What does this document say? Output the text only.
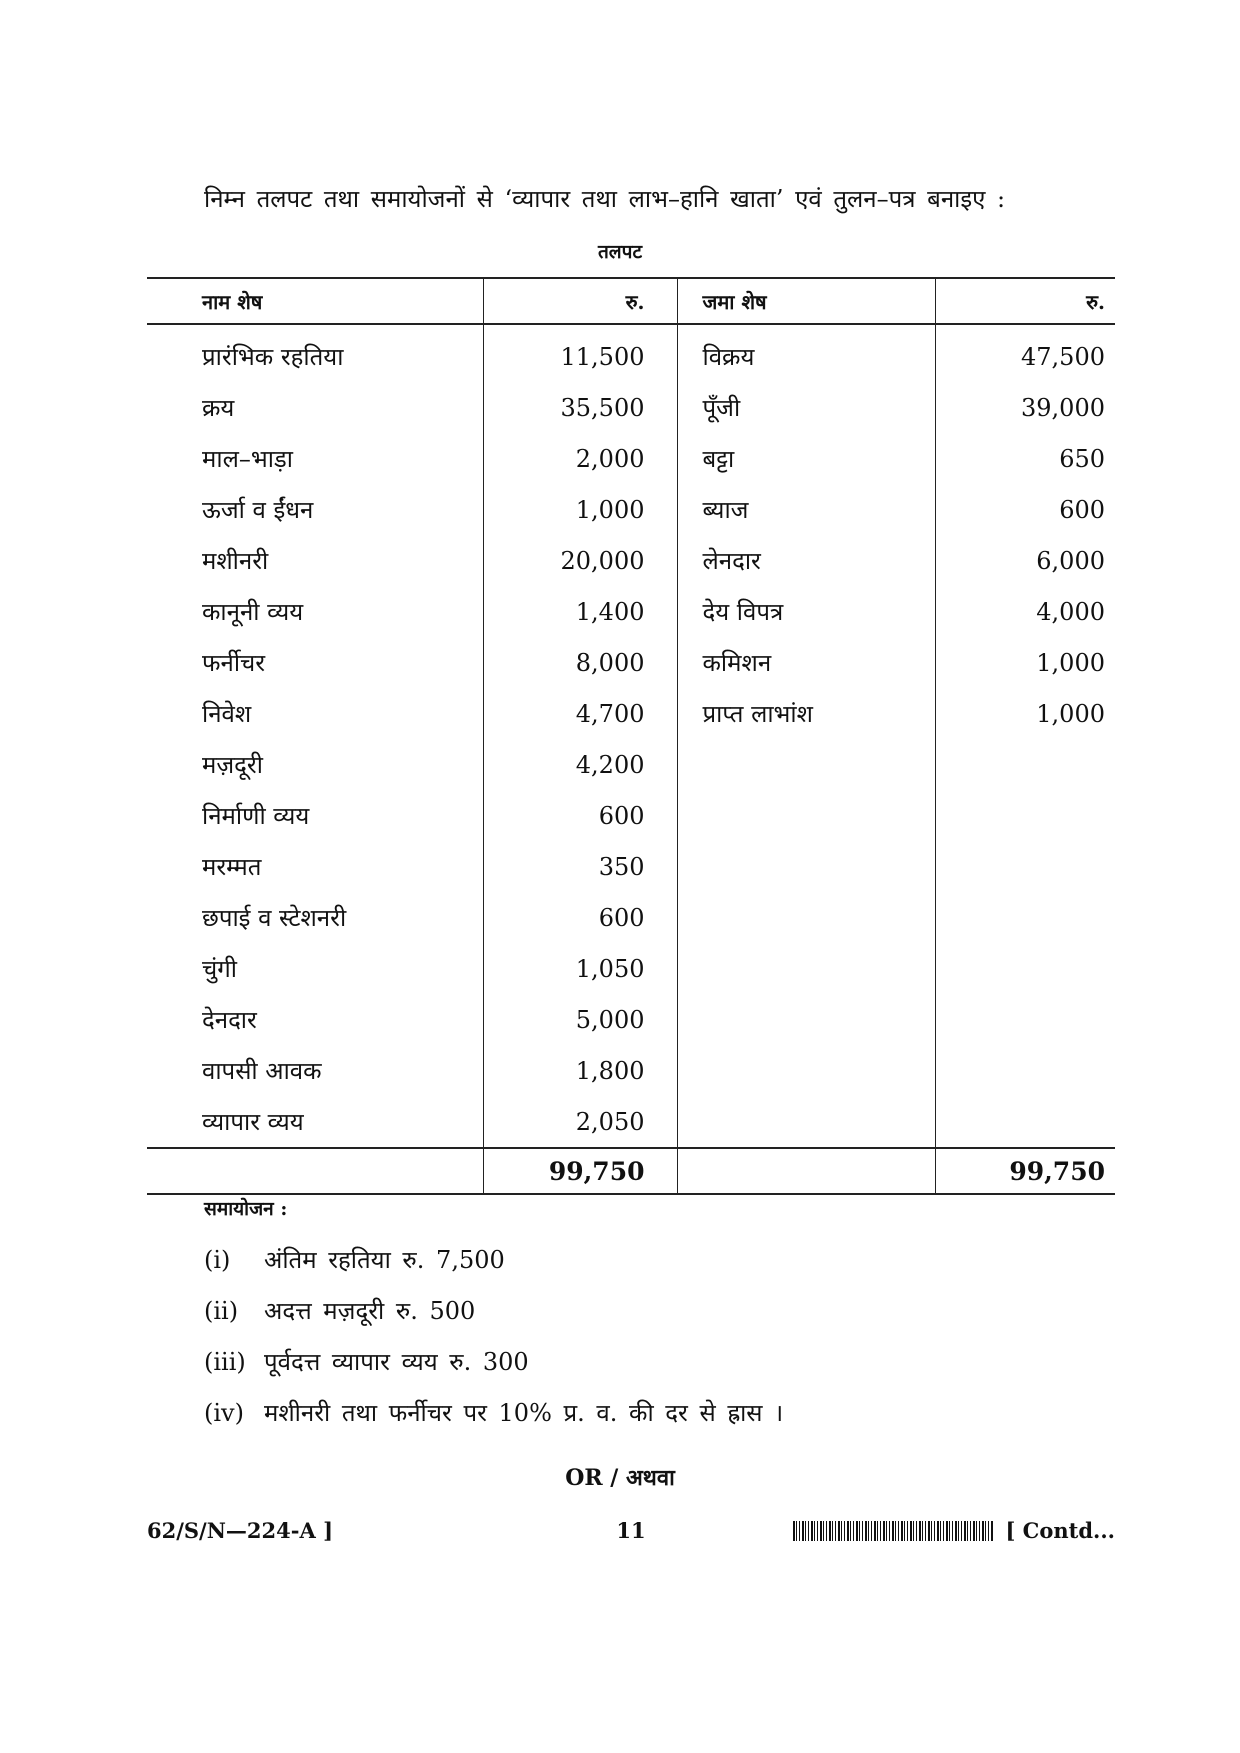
निम्न तलपट तथा समायोजनों से ‘व्यापार तथा लाभ–हानि खाता’ एवं तुलन–पत्र बनाइए :
तलपट
नाम शेष	रु.	जमा शेष	रु.
प्रारंभिक रहतिया	11,500	विक्रय	47,500
क्रय	35,500	पूँजी	39,000
माल–भाड़ा	2,000	बट्टा	650
ऊर्जा व ईंधन	1,000	ब्याज	600
मशीनरी	20,000	लेनदार	6,000
कानूनी व्यय	1,400	देय विपत्र	4,000
फर्नीचर	8,000	कमिशन	1,000
निवेश	4,700	प्राप्त लाभांश	1,000
मज़दूरी	4,200		
निर्माणी व्यय	600		
मरम्मत	350		
छपाई व स्टेशनरी	600		
चुंगी	1,050		
देनदार	5,000		
वापसी आवक	1,800		
व्यापार व्यय	2,050		
	99,750		99,750
समायोजन :
(i)	अंतिम रहतिया रु. 7,500
(ii)	अदत्त मज़दूरी रु. 500
(iii) पूर्वदत्त व्यापार व्यय रु. 300
(iv) मशीनरी तथा फर्नीचर पर 10% प्र. व. की दर से ह्रास ।
OR / अथवा
62/S/N—224-A ]	11	[ Contd...
